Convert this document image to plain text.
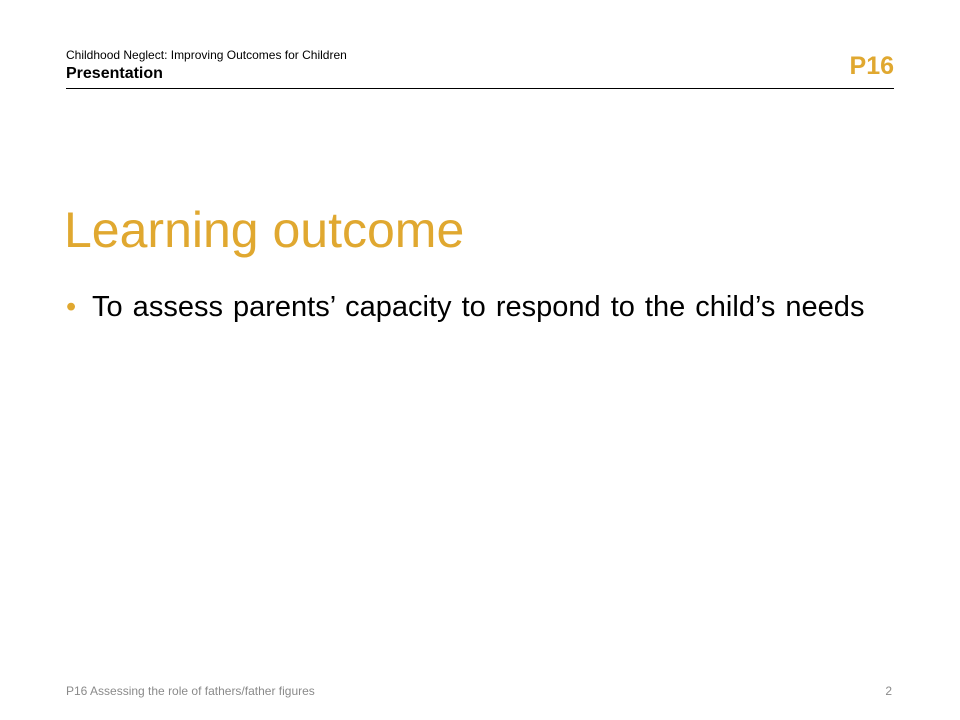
Childhood Neglect: Improving Outcomes for Children
Presentation	P16
Learning outcome
• To assess parents’ capacity to respond to the child’s needs
P16 Assessing the role of fathers/father figures	2
